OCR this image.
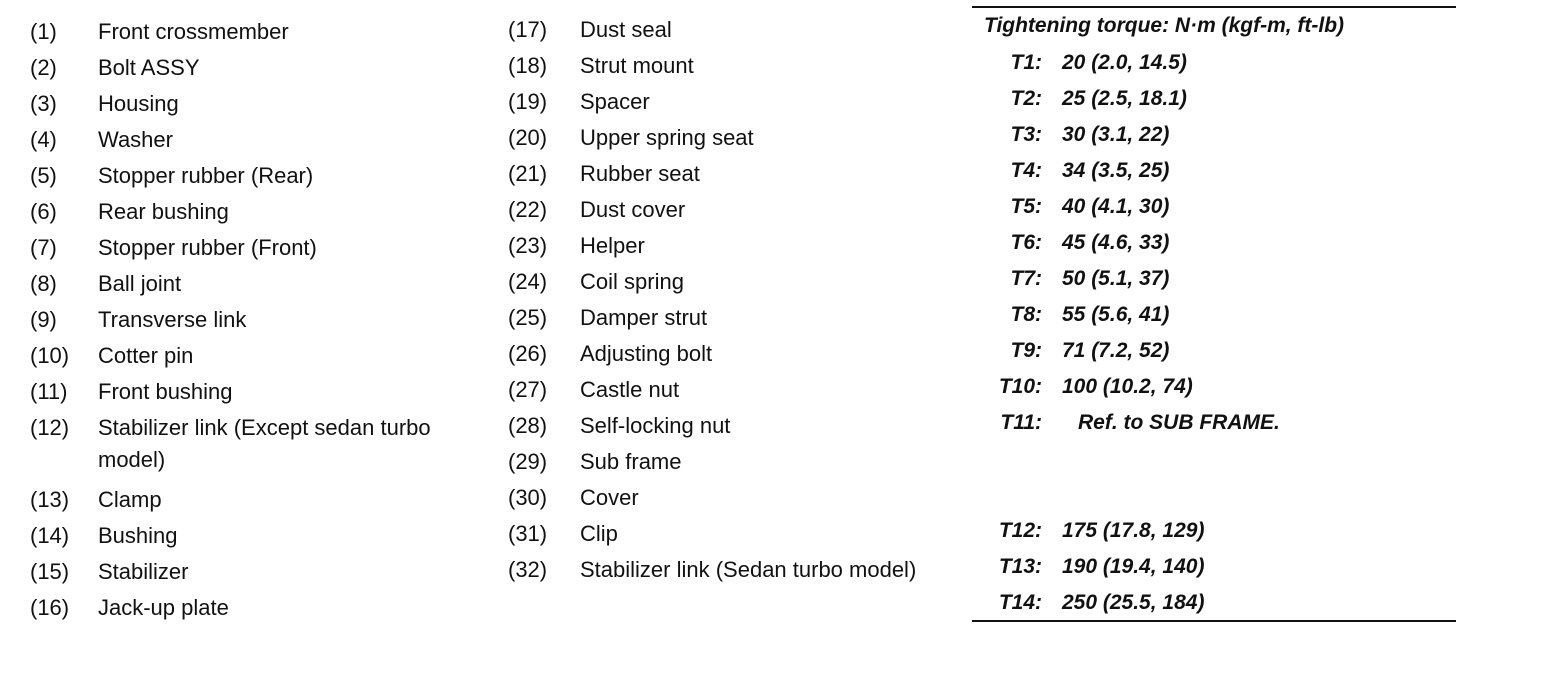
(1) Front crossmember
(2) Bolt ASSY
(3) Housing
(4) Washer
(5) Stopper rubber (Rear)
(6) Rear bushing
(7) Stopper rubber (Front)
(8) Ball joint
(9) Transverse link
(10) Cotter pin
(11) Front bushing
(12) Stabilizer link (Except sedan turbo model)
(13) Clamp
(14) Bushing
(15) Stabilizer
(16) Jack-up plate
(17) Dust seal
(18) Strut mount
(19) Spacer
(20) Upper spring seat
(21) Rubber seat
(22) Dust cover
(23) Helper
(24) Coil spring
(25) Damper strut
(26) Adjusting bolt
(27) Castle nut
(28) Self-locking nut
(29) Sub frame
(30) Cover
(31) Clip
(32) Stabilizer link (Sedan turbo model)
Tightening torque: N·m (kgf-m, ft-lb)
T1: 20 (2.0, 14.5)
T2: 25 (2.5, 18.1)
T3: 30 (3.1, 22)
T4: 34 (3.5, 25)
T5: 40 (4.1, 30)
T6: 45 (4.6, 33)
T7: 50 (5.1, 37)
T8: 55 (5.6, 41)
T9: 71 (7.2, 52)
T10: 100 (10.2, 74)
T11: Ref. to SUB FRAME.
T12: 175 (17.8, 129)
T13: 190 (19.4, 140)
T14: 250 (25.5, 184)
